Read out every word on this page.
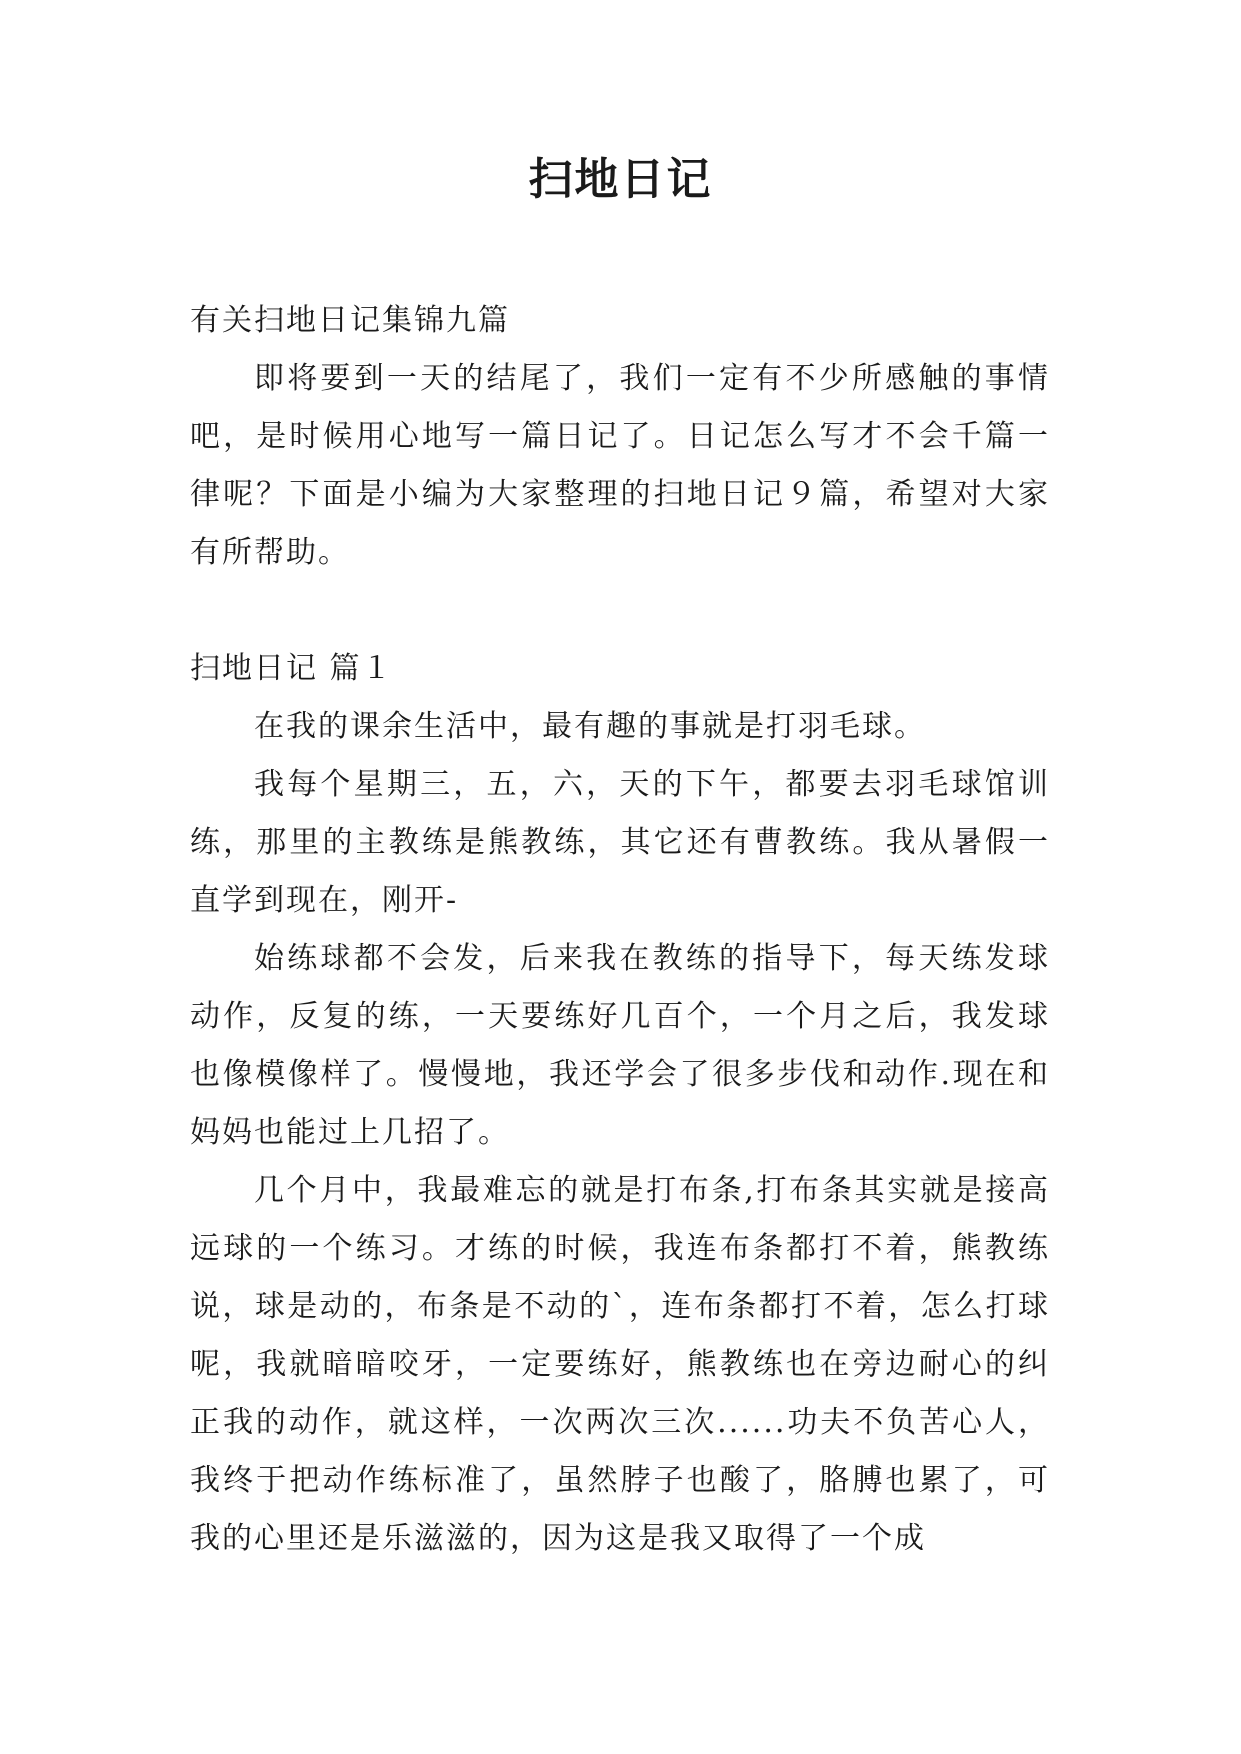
扫地日记

有关扫地日记集锦九篇

即将要到一天的结尾了，我们一定有不少所感触的事情吧，是时候用心地写一篇日记了。日记怎么写才不会千篇一律呢？下面是小编为大家整理的扫地日记９篇，希望对大家有所帮助。

扫地日记 篇１

在我的课余生活中，最有趣的事就是打羽毛球。

我每个星期三，五，六，天的下午，都要去羽毛球馆训练，那里的主教练是熊教练，其它还有曹教练。我从暑假一直学到现在，刚开-

始练球都不会发，后来我在教练的指导下，每天练发球动作，反复的练，一天要练好几百个，一个月之后，我发球也像模像样了。慢慢地，我还学会了很多步伐和动作.现在和妈妈也能过上几招了。

几个月中，我最难忘的就是打布条,打布条其实就是接高远球的一个练习。才练的时候，我连布条都打不着，熊教练说，球是动的，布条是不动的`，连布条都打不着，怎么打球呢，我就暗暗咬牙，一定要练好，熊教练也在旁边耐心的纠正我的动作，就这样，一次两次三次......功夫不负苦心人，我终于把动作练标准了，虽然脖子也酸了，胳膊也累了，可我的心里还是乐滋滋的，因为这是我又取得了一个成
